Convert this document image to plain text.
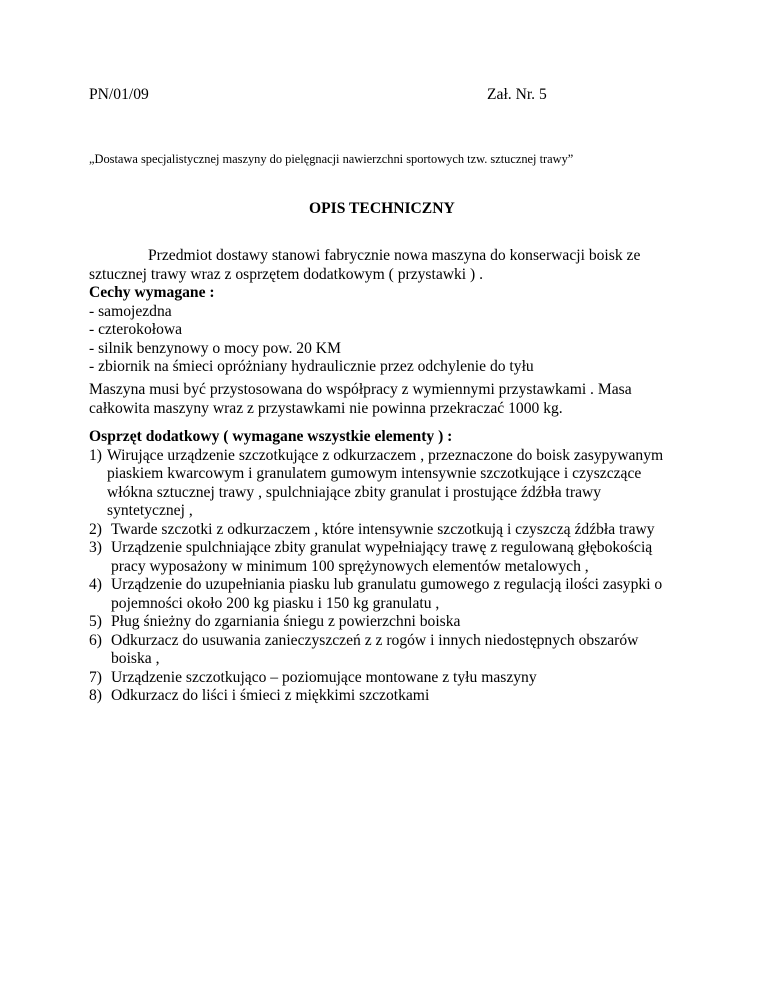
PN/01/09	Zał. Nr. 5
„Dostawa specjalistycznej maszyny do pielęgnacji nawierzchni sportowych tzw. sztucznej trawy”
OPIS TECHNICZNY
Przedmiot dostawy stanowi fabrycznie nowa maszyna do konserwacji boisk ze
sztucznej trawy wraz z osprzętem dodatkowym ( przystawki ) .
Cechy wymagane :
- samojezdna
- czterokołowa
- silnik benzynowy o mocy pow. 20 KM
- zbiornik na śmieci opróżniany hydraulicznie przez odchylenie do tyłu
Maszyna musi być przystosowana do współpracy z wymiennymi przystawkami . Masa
całkowita maszyny wraz z przystawkami nie powinna przekraczać 1000 kg.
Osprzęt dodatkowy ( wymagane wszystkie elementy ) :
1) Wirujące urządzenie szczotkujące z odkurzaczem , przeznaczone do boisk zasypywanym
piaskiem kwarcowym i granulatem gumowym intensywnie szczotkujące i czyszczące
włókna sztucznej trawy , spulchniające zbity granulat i prostujące źdźbła trawy
syntetycznej ,
2) Twarde szczotki z odkurzaczem , które intensywnie szczotkują i czyszczą źdźbła trawy
3) Urządzenie spulchniające zbity granulat wypełniający trawę z regulowaną głębokością
pracy wyposażony w minimum 100 sprężynowych elementów metalowych ,
4) Urządzenie do uzupełniania piasku lub granulatu gumowego z regulacją ilości zasypki o
pojemności około 200 kg piasku i 150 kg granulatu ,
5) Pług śnieżny do zgarniania śniegu z powierzchni boiska
6) Odkurzacz do usuwania zanieczyszczeń z z rogów i innych niedostępnych obszarów
boiska ,
7) Urządzenie szczotkująco – poziomujące montowane z tyłu maszyny
8) Odkurzacz do liści i śmieci z miękkimi szczotkami
